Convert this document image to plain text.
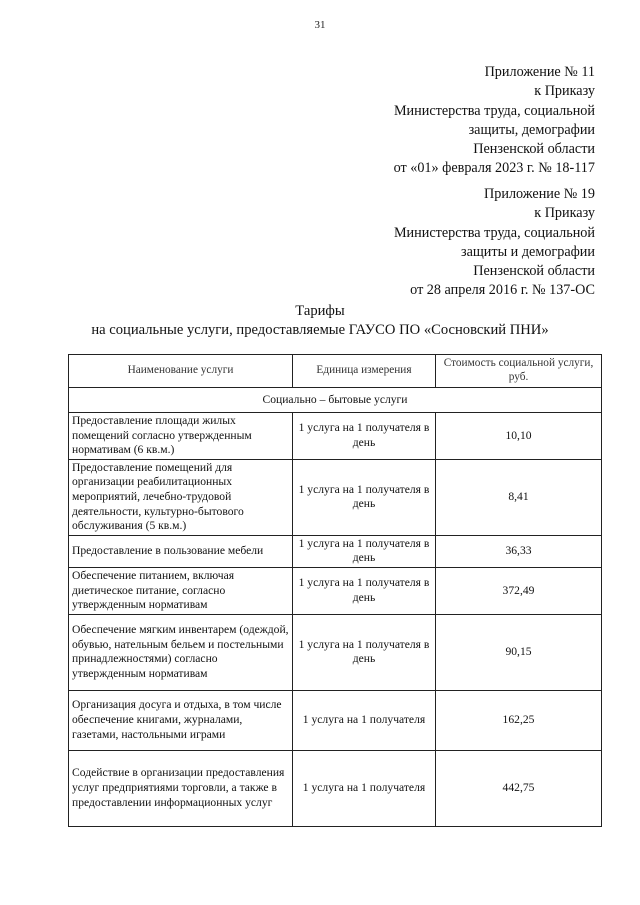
31
Приложение № 11
к Приказу
Министерства труда, социальной
защиты, демографии
Пензенской области
от «01» февраля 2023 г. № 18-117
Приложение № 19
к Приказу
Министерства труда, социальной
защиты и демографии
Пензенской области
от 28 апреля 2016 г. № 137-ОС
Тарифы
на социальные услуги, предоставляемые ГАУСО ПО «Сосновский ПНИ»
Наименование услуги	Единица измерения	Стоимость социальной услуги, руб.
Социально – бытовые услуги		
Предоставление площади жилых помещений согласно утвержденным нормативам (6 кв.м.)	1 услуга на 1 получателя в день	10,10
Предоставление помещений для организации реабилитационных мероприятий, лечебно-трудовой деятельности, культурно-бытового обслуживания (5 кв.м.)	1 услуга на 1 получателя в день	8,41
Предоставление в пользование мебели	1 услуга на 1 получателя в день	36,33
Обеспечение питанием, включая диетическое питание, согласно утвержденным нормативам	1 услуга на 1 получателя в день	372,49
Обеспечение мягким инвентарем (одеждой, обувью, нательным бельем и постельными принадлежностями) согласно утвержденным нормативам	1 услуга на 1 получателя в день	90,15
Организация досуга и отдыха, в том числе обеспечение книгами, журналами, газетами, настольными играми	1 услуга на 1 получателя	162,25
Содействие в организации предоставления услуг предприятиями торговли, а также в предоставлении информационных услуг	1 услуга на 1 получателя	442,75
